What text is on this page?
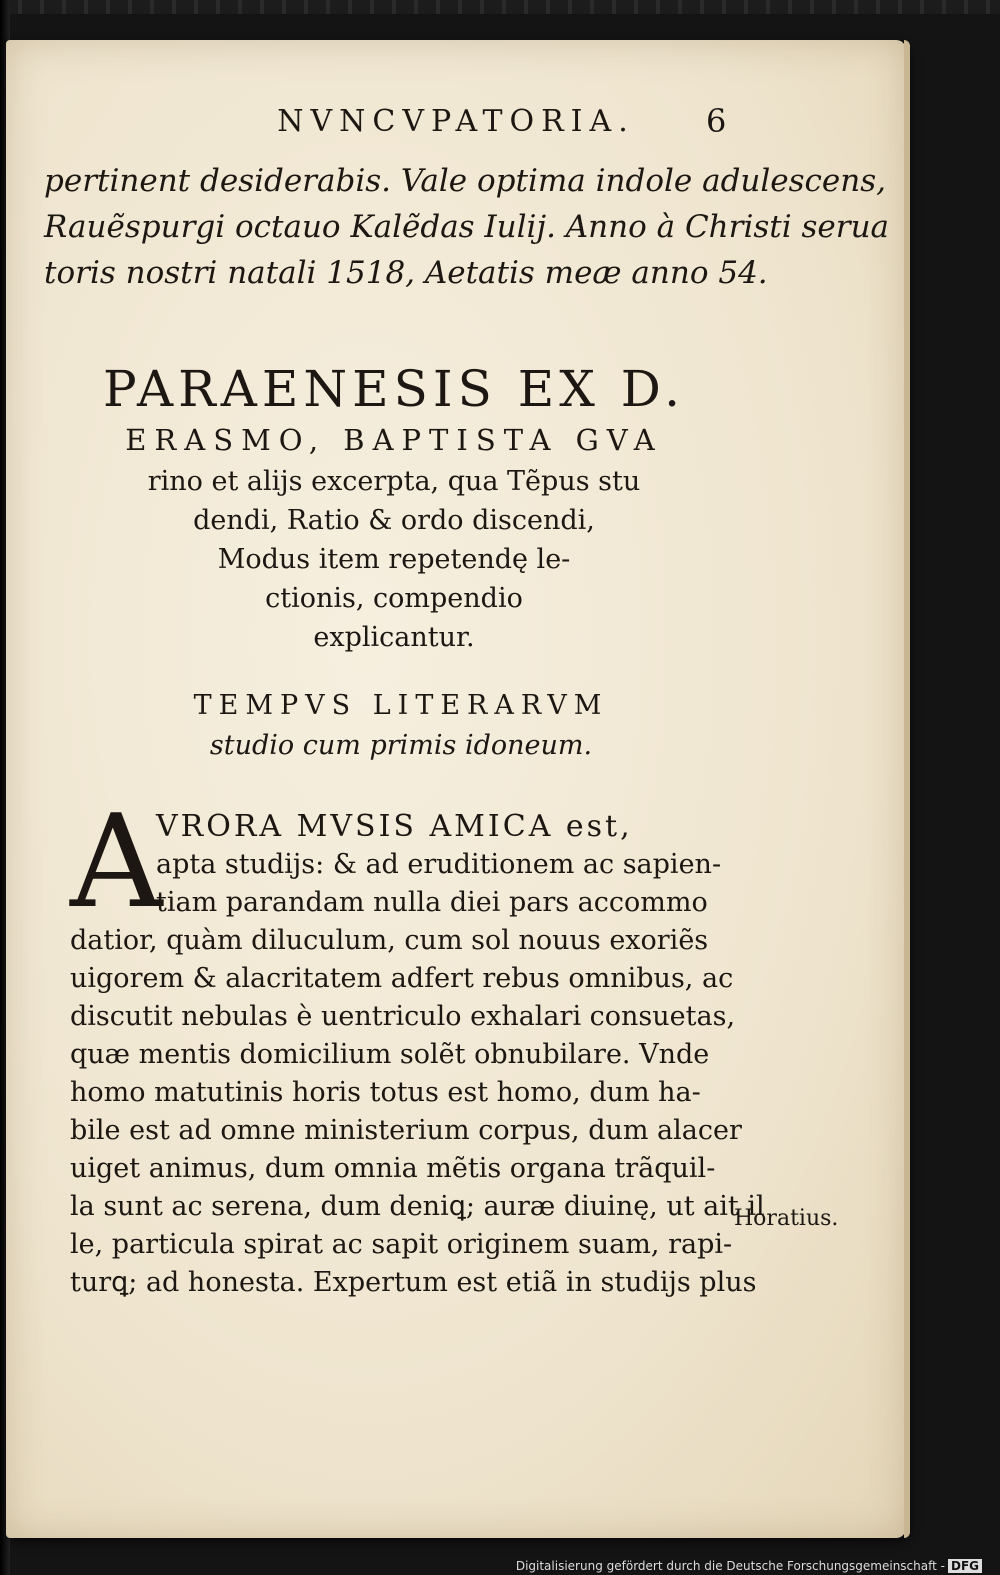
NVNCVPATORIA.	6
pertinent desiderabis. Vale optima indole adulescens,
Rauẽspurgi octauo Kalẽdas Iulij. Anno à Christi serua
toris nostri natali 1518, Aetatis meæ anno 54.
PARAENESIS EX D.
ERASMO, BAPTISTA GVA
rino et alijs excerpta, qua Tẽpus stu
dendi, Ratio & ordo discendi,
Modus item repetendę le-
ctionis, compendio
explicantur.
TEMPVS LITERARVM
studio cum primis idoneum.
A
VRORA MVSIS AMICA est,
apta studijs: & ad eruditionem ac sapien-
tiam parandam nulla diei pars accommo
datior, quàm diluculum, cum sol nouus exoriẽs
uigorem & alacritatem adfert rebus omnibus, ac
discutit nebulas è uentriculo exhalari consuetas,
quæ mentis domicilium solẽt obnubilare. Vnde
homo matutinis horis totus est homo, dum ha-
bile est ad omne ministerium corpus, dum alacer
uiget animus, dum omnia mẽtis organa trãquil-
la sunt ac serena, dum deniꝗ; auræ diuinę, ut ait il
le, particula spirat ac sapit originem suam, rapi-
turꝗ; ad honesta. Expertum est etiã in studijs plus
Horatius.
Digitalisierung gefördert durch die Deutsche Forschungsgemeinschaft - DFG
